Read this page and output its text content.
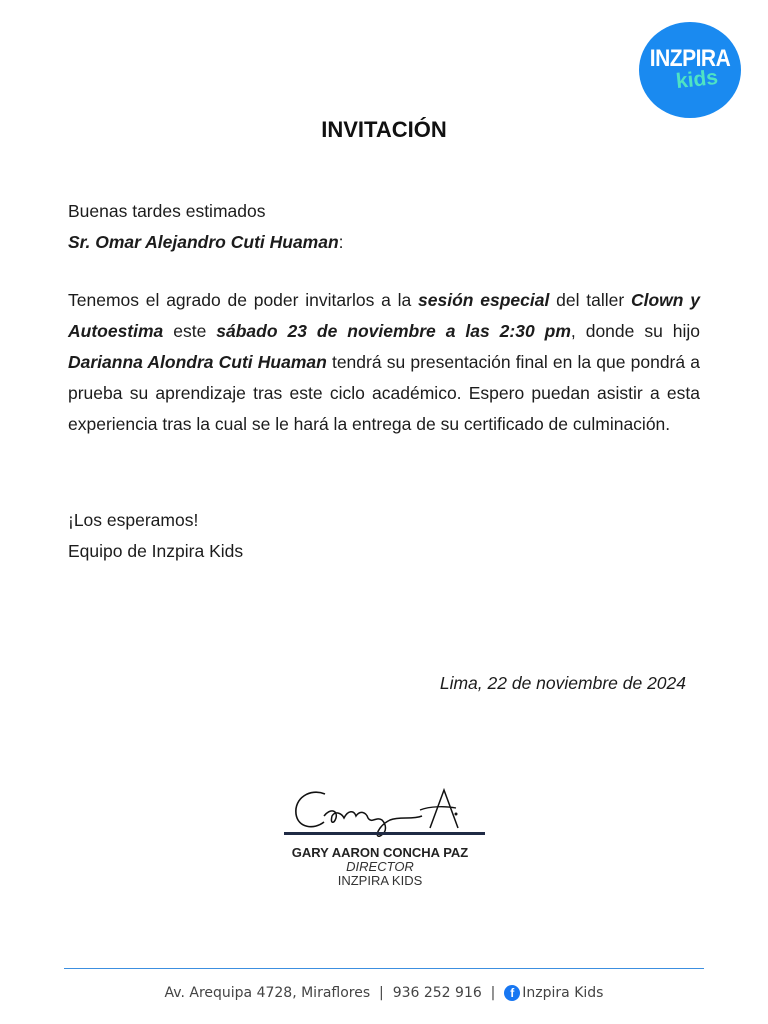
INZPIRA
kids
INVITACIÓN

Buenas tardes estimados

Sr. Omar Alejandro Cuti Huaman:

Tenemos el agrado de poder invitarlos a la sesión especial del taller Clown y Autoestima este sábado 23 de noviembre a las 2:30 pm, donde su hijo Darianna Alondra Cuti Huaman tendrá su presentación final en la que pondrá a prueba su aprendizaje tras este ciclo académico. Espero puedan asistir a esta experiencia tras la cual se le hará la entrega de su certificado de culminación.

¡Los esperamos!

Equipo de Inzpira Kids

Lima, 22 de noviembre de 2024
GARY AARON CONCHA PAZ
DIRECTOR
INZPIRA KIDS
Av. Arequipa 4728, Miraflores  |  936 252 916  |  f Inzpira Kids
